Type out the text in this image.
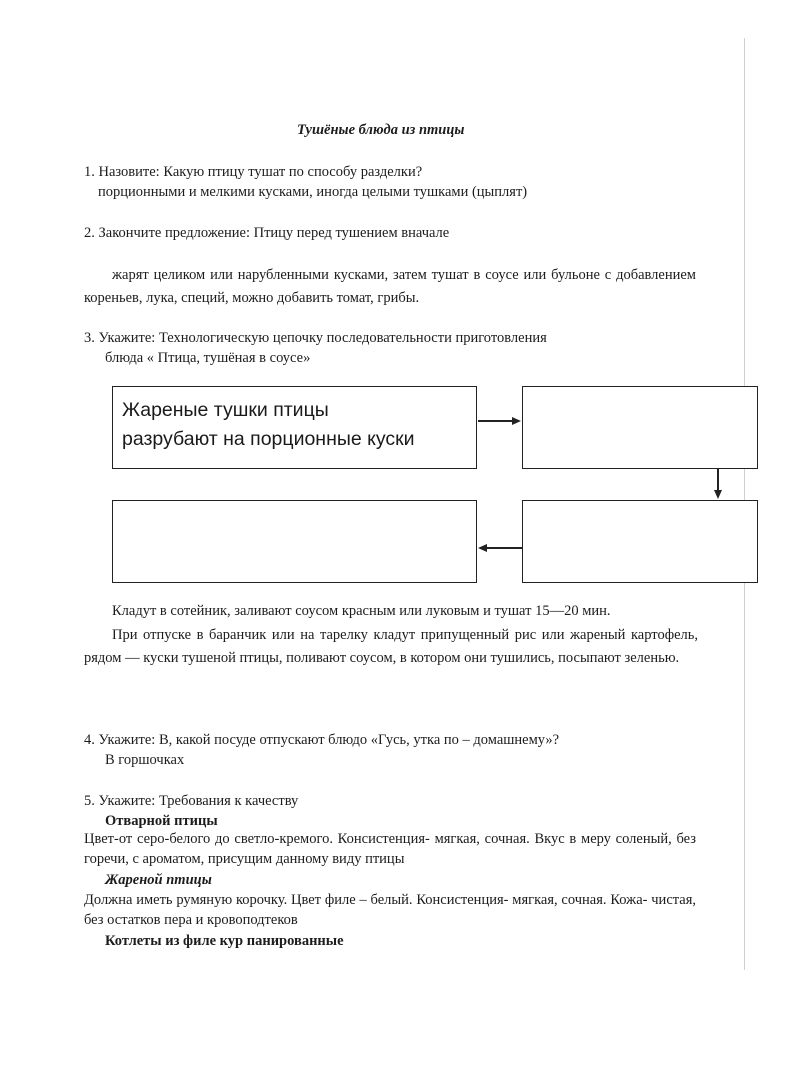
Тушёные блюда из птицы
1. Назовите: Какую птицу тушат по способу разделки?
порционными и мелкими кусками, иногда целыми тушками (цыплят)
2. Закончите предложение: Птицу перед тушением вначале
жарят целиком или нарубленными кусками, затем тушат в соусе или бульоне с добавлением кореньев, лука, специй, можно добавить томат, грибы.
3. Укажите: Технологическую цепочку последовательности приготовления
блюда « Птица, тушёная в соусе»
Жареные тушки птицы
разрубают на порционные куски
Кладут в сотейник, заливают соусом красным или луковым и тушат 15—20 мин.
При отпуске в баранчик или на тарелку кладут припущенный рис или жареный картофель, рядом — куски тушеной птицы, поливают соусом, в котором они тушились, посыпают зеленью.
4. Укажите: В, какой посуде отпускают блюдо «Гусь, утка по – домашнему»?
В горшочках
5. Укажите: Требования к качеству
Отварной птицы
Цвет-от серо-белого до светло-кремого. Консистенция- мягкая, сочная. Вкус в меру соленый, без горечи, с ароматом, присущим данному виду птицы
Жареной птицы
Должна иметь румяную корочку. Цвет филе – белый. Консистенция- мягкая, сочная. Кожа- чистая, без остатков пера и кровоподтеков
Котлеты из филе кур панированные
